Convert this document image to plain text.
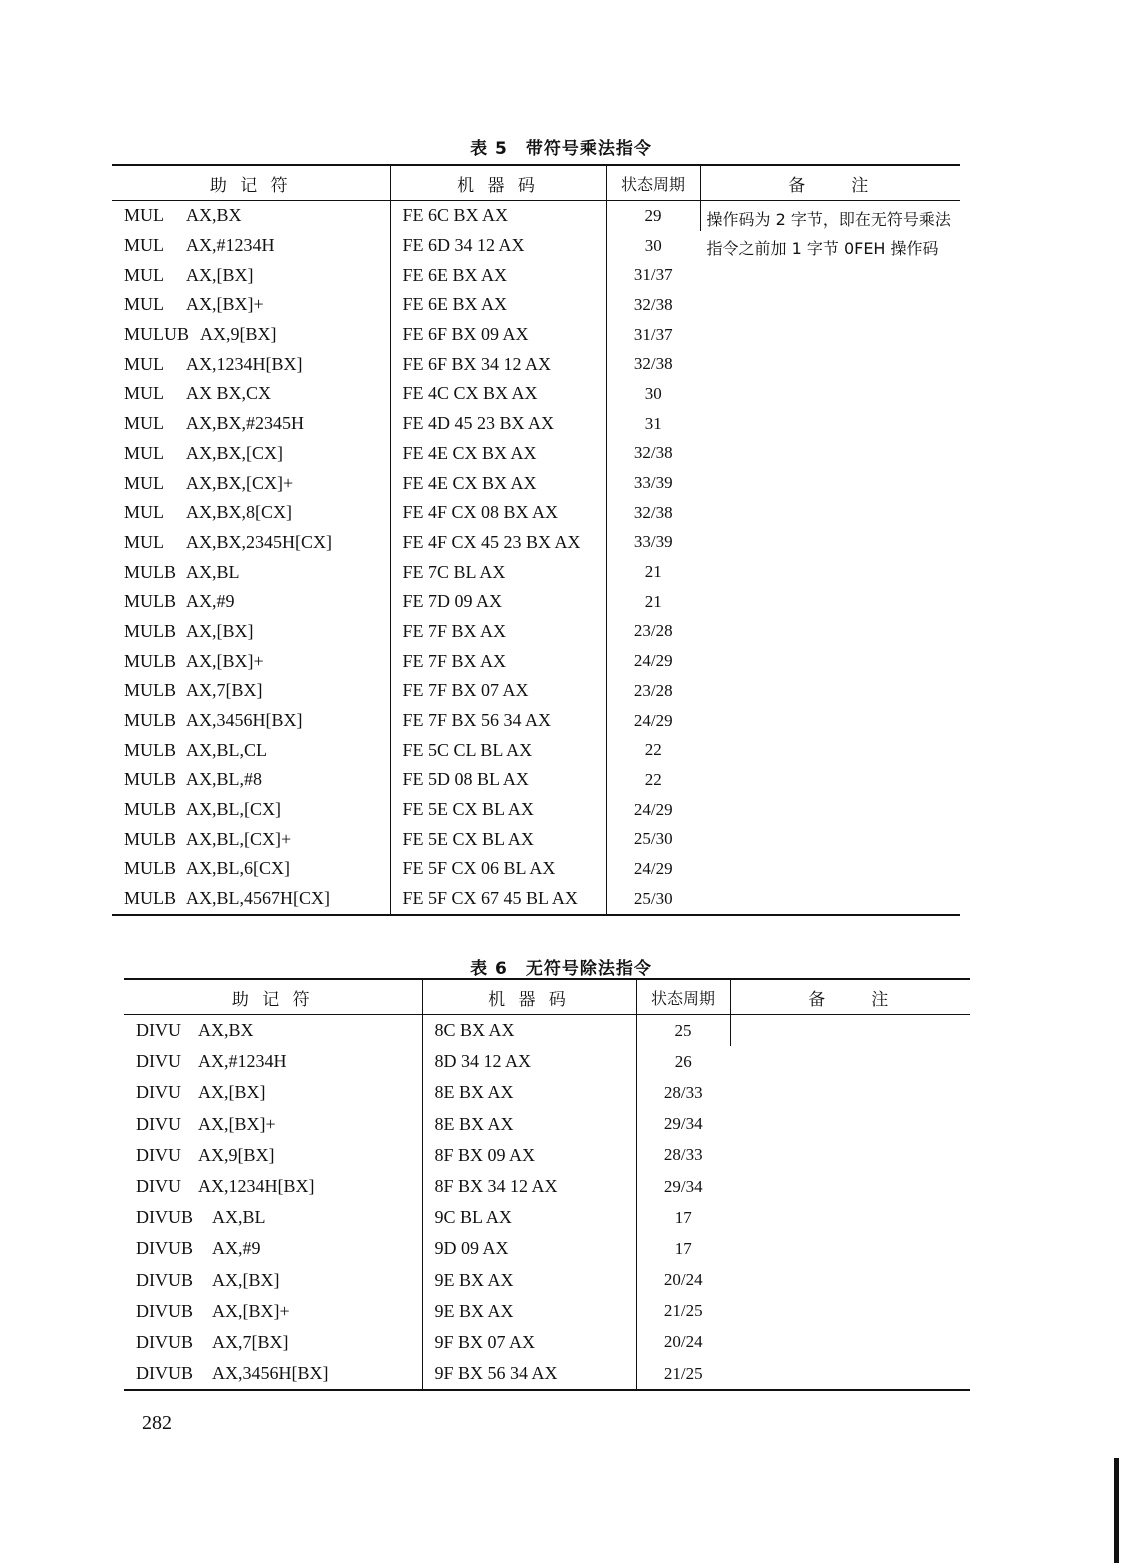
表 5　带符号乘法指令
助 记 符	机 器 码	状态周期	备　　注
MUL AX,BX	FE 6C BX AX	29	操作码为 2 字节，即在无符号乘法指令之前加 1 字节 0FEH 操作码
MUL AX,#1234H	FE 6D 34 12 AX	30	
MUL AX,[BX]	FE 6E BX AX	31/37	
MUL AX,[BX]+	FE 6E BX AX	32/38	
MULUB AX,9[BX]	FE 6F BX 09 AX	31/37	
MUL AX,1234H[BX]	FE 6F BX 34 12 AX	32/38	
MUL AX BX,CX	FE 4C CX BX AX	30	
MUL AX,BX,#2345H	FE 4D 45 23 BX AX	31	
MUL AX,BX,[CX]	FE 4E CX BX AX	32/38	
MUL AX,BX,[CX]+	FE 4E CX BX AX	33/39	
MUL AX,BX,8[CX]	FE 4F CX 08 BX AX	32/38	
MUL AX,BX,2345H[CX]	FE 4F CX 45 23 BX AX	33/39	
MULB AX,BL	FE 7C BL AX	21	
MULB AX,#9	FE 7D 09 AX	21	
MULB AX,[BX]	FE 7F BX AX	23/28	
MULB AX,[BX]+	FE 7F BX AX	24/29	
MULB AX,7[BX]	FE 7F BX 07 AX	23/28	
MULB AX,3456H[BX]	FE 7F BX 56 34 AX	24/29	
MULB AX,BL,CL	FE 5C CL BL AX	22	
MULB AX,BL,#8	FE 5D 08 BL AX	22	
MULB AX,BL,[CX]	FE 5E CX BL AX	24/29	
MULB AX,BL,[CX]+	FE 5E CX BL AX	25/30	
MULB AX,BL,6[CX]	FE 5F CX 06 BL AX	24/29	
MULB AX,BL,4567H[CX]	FE 5F CX 67 45 BL AX	25/30	
表 6　无符号除法指令
助 记 符	机 器 码	状态周期	备　　注
DIVU AX,BX	8C BX AX	25	
DIVU AX,#1234H	8D 34 12 AX	26	
DIVU AX,[BX]	8E BX AX	28/33	
DIVU AX,[BX]+	8E BX AX	29/34	
DIVU AX,9[BX]	8F BX 09 AX	28/33	
DIVU AX,1234H[BX]	8F BX 34 12 AX	29/34	
DIVUB AX,BL	9C BL AX	17	
DIVUB AX,#9	9D 09 AX	17	
DIVUB AX,[BX]	9E BX AX	20/24	
DIVUB AX,[BX]+	9E BX AX	21/25	
DIVUB AX,7[BX]	9F BX 07 AX	20/24	
DIVUB AX,3456H[BX]	9F BX 56 34 AX	21/25	
282
